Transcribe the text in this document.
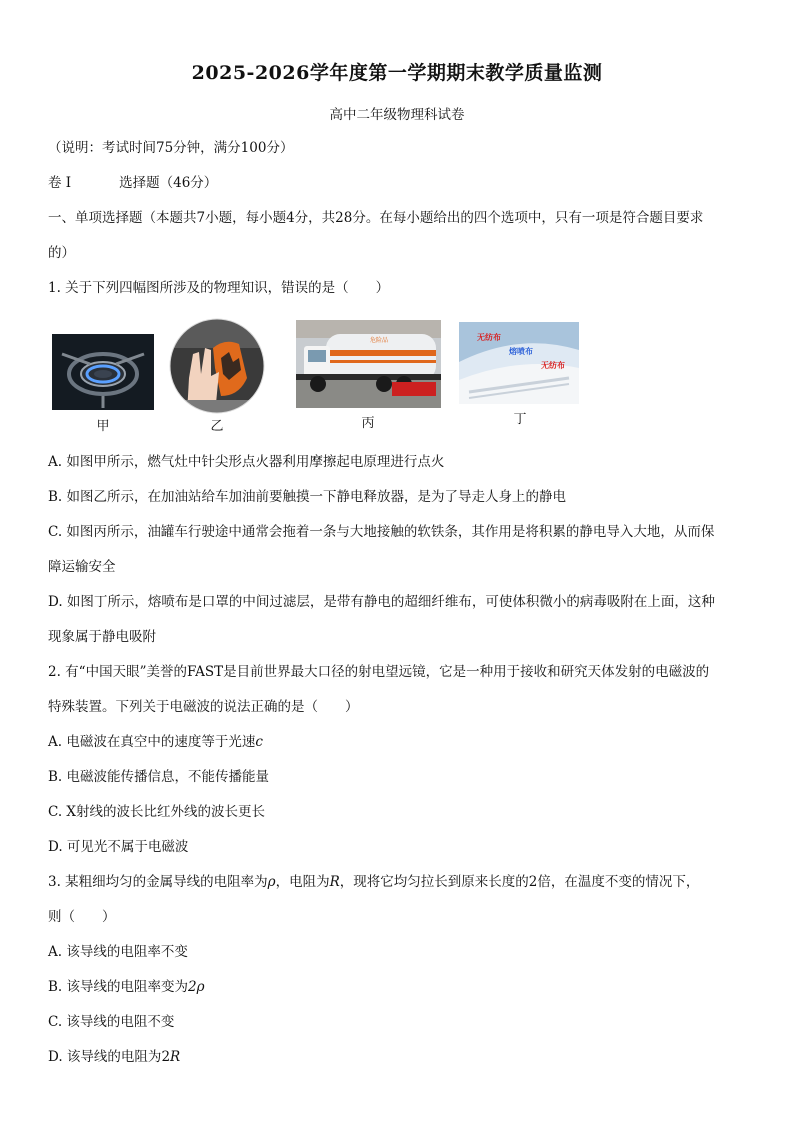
2025-2026学年度第一学期期末教学质量监测
高中二年级物理科试卷
（说明：考试时间75分钟，满分100分）
卷 I	选择题（46分）
一、单项选择题（本题共7小题，每小题4分，共28分。在每小题给出的四个选项中，只有一项是符合题目要求
的）
1. 关于下列四幅图所涉及的物理知识，错误的是（　　）
甲	乙
危险品
丙
无纺布
熔喷布
无纺布
丁
A. 如图甲所示，燃气灶中针尖形点火器利用摩擦起电原理进行点火
B. 如图乙所示，在加油站给车加油前要触摸一下静电释放器，是为了导走人身上的静电
C. 如图丙所示，油罐车行驶途中通常会拖着一条与大地接触的软铁条，其作用是将积累的静电导入大地，从而保
障运输安全
D. 如图丁所示，熔喷布是口罩的中间过滤层，是带有静电的超细纤维布，可使体积微小的病毒吸附在上面，这种
现象属于静电吸附
2. 有“中国天眼”美誉的FAST是目前世界最大口径的射电望远镜，它是一种用于接收和研究天体发射的电磁波的
特殊装置。下列关于电磁波的说法正确的是（　　）
A. 电磁波在真空中的速度等于光速c
B. 电磁波能传播信息，不能传播能量
C. X射线的波长比红外线的波长更长
D. 可见光不属于电磁波
3. 某粗细均匀的金属导线的电阻率为ρ，电阻为R，现将它均匀拉长到原来长度的2倍，在温度不变的情况下，
则（　　）
A. 该导线的电阻率不变
B. 该导线的电阻率变为2ρ
C. 该导线的电阻不变
D. 该导线的电阻为2R
